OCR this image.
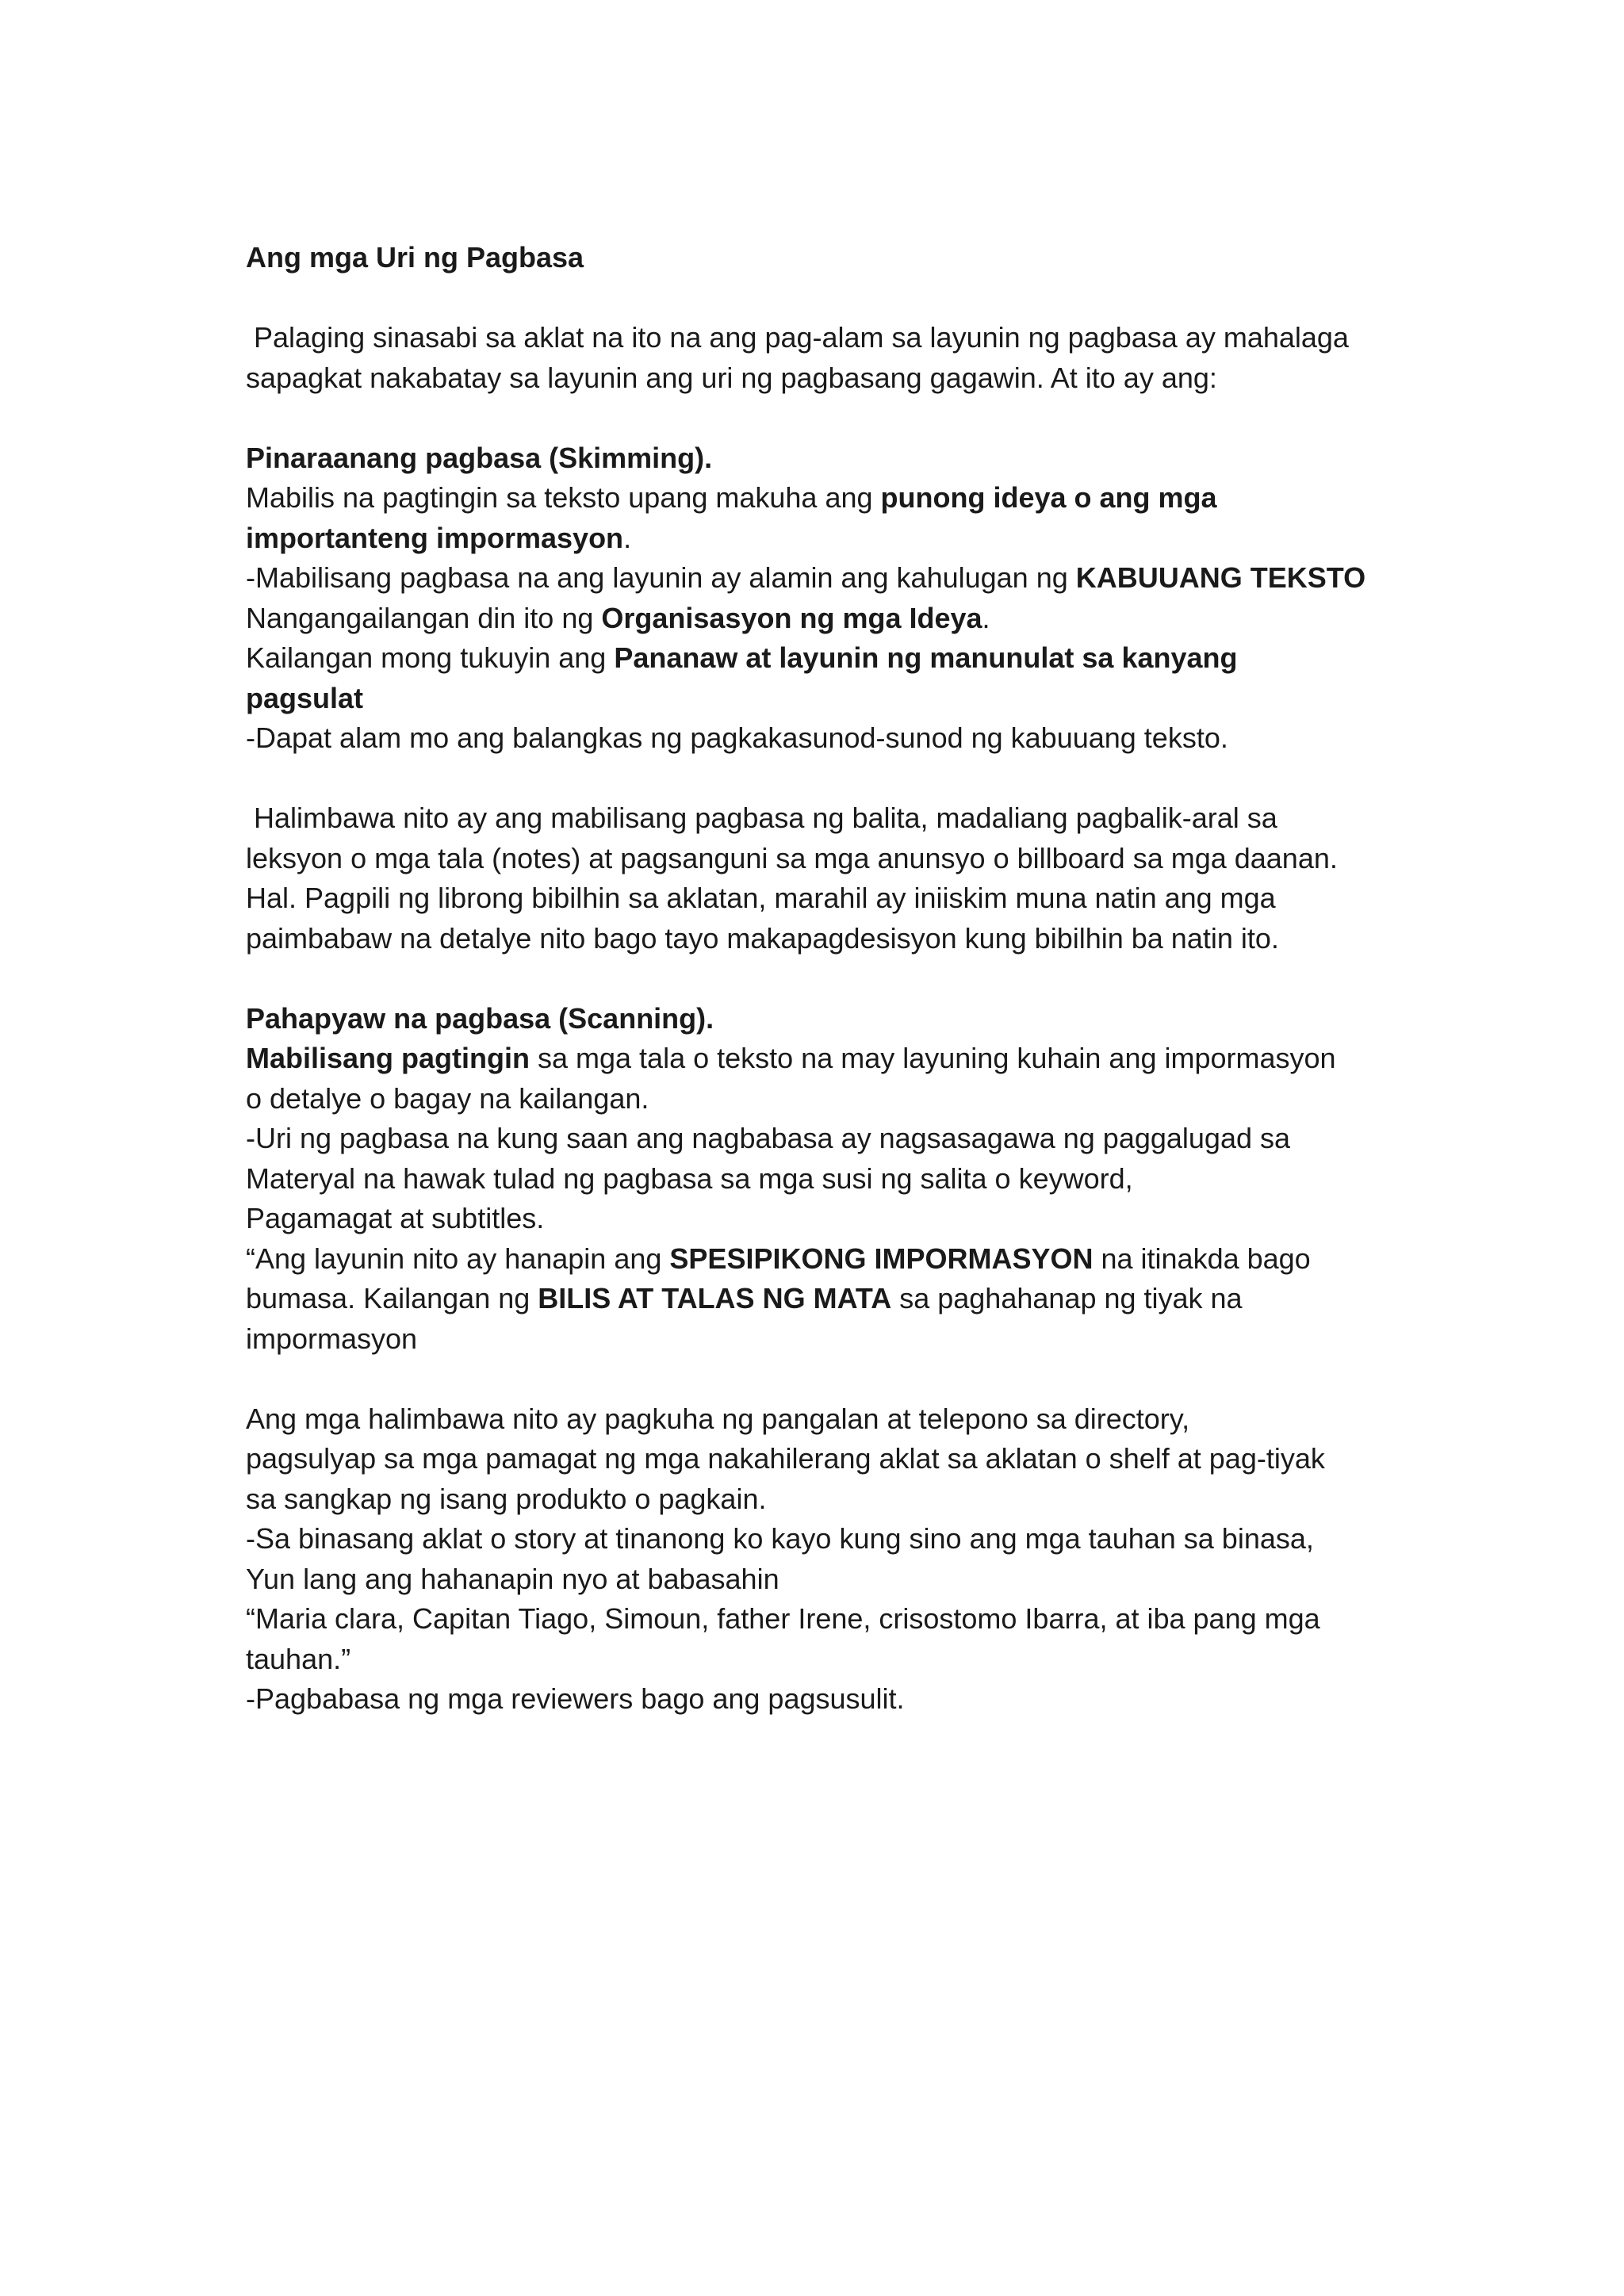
Ang mga Uri ng Pagbasa
Palaging sinasabi sa aklat na ito na ang pag-alam sa layunin ng pagbasa ay mahalaga
sapagkat nakabatay sa layunin ang uri ng pagbasang gagawin. At ito ay ang:
Pinaraanang pagbasa (Skimming).
Mabilis na pagtingin sa teksto upang makuha ang punong ideya o ang mga
importanteng impormasyon.
-Mabilisang pagbasa na ang layunin ay alamin ang kahulugan ng KABUUANG TEKSTO
Nangangailangan din ito ng Organisasyon ng mga Ideya.
Kailangan mong tukuyin ang Pananaw at layunin ng manunulat sa kanyang
pagsulat
-Dapat alam mo ang balangkas ng pagkakasunod-sunod ng kabuuang teksto.
Halimbawa nito ay ang mabilisang pagbasa ng balita, madaliang pagbalik-aral sa
leksyon o mga tala (notes) at pagsanguni sa mga anunsyo o billboard sa mga daanan.
Hal. Pagpili ng librong bibilhin sa aklatan, marahil ay iniiskim muna natin ang mga
paimbabaw na detalye nito bago tayo makapagdesisyon kung bibilhin ba natin ito.
Pahapyaw na pagbasa (Scanning).
Mabilisang pagtingin sa mga tala o teksto na may layuning kuhain ang impormasyon
o detalye o bagay na kailangan.
-Uri ng pagbasa na kung saan ang nagbabasa ay nagsasagawa ng paggalugad sa
Materyal na hawak tulad ng pagbasa sa mga susi ng salita o keyword,
Pagamagat at subtitles.
“Ang layunin nito ay hanapin ang SPESIPIKONG IMPORMASYON na itinakda bago
bumasa. Kailangan ng BILIS AT TALAS NG MATA sa paghahanap ng tiyak na
impormasyon
Ang mga halimbawa nito ay pagkuha ng pangalan at telepono sa directory,
pagsulyap sa mga pamagat ng mga nakahilerang aklat sa aklatan o shelf at pag-tiyak
sa sangkap ng isang produkto o pagkain.
-Sa binasang aklat o story at tinanong ko kayo kung sino ang mga tauhan sa binasa,
Yun lang ang hahanapin nyo at babasahin
“Maria clara, Capitan Tiago, Simoun, father Irene, crisostomo Ibarra, at iba pang mga
tauhan.”
-Pagbabasa ng mga reviewers bago ang pagsusulit.
